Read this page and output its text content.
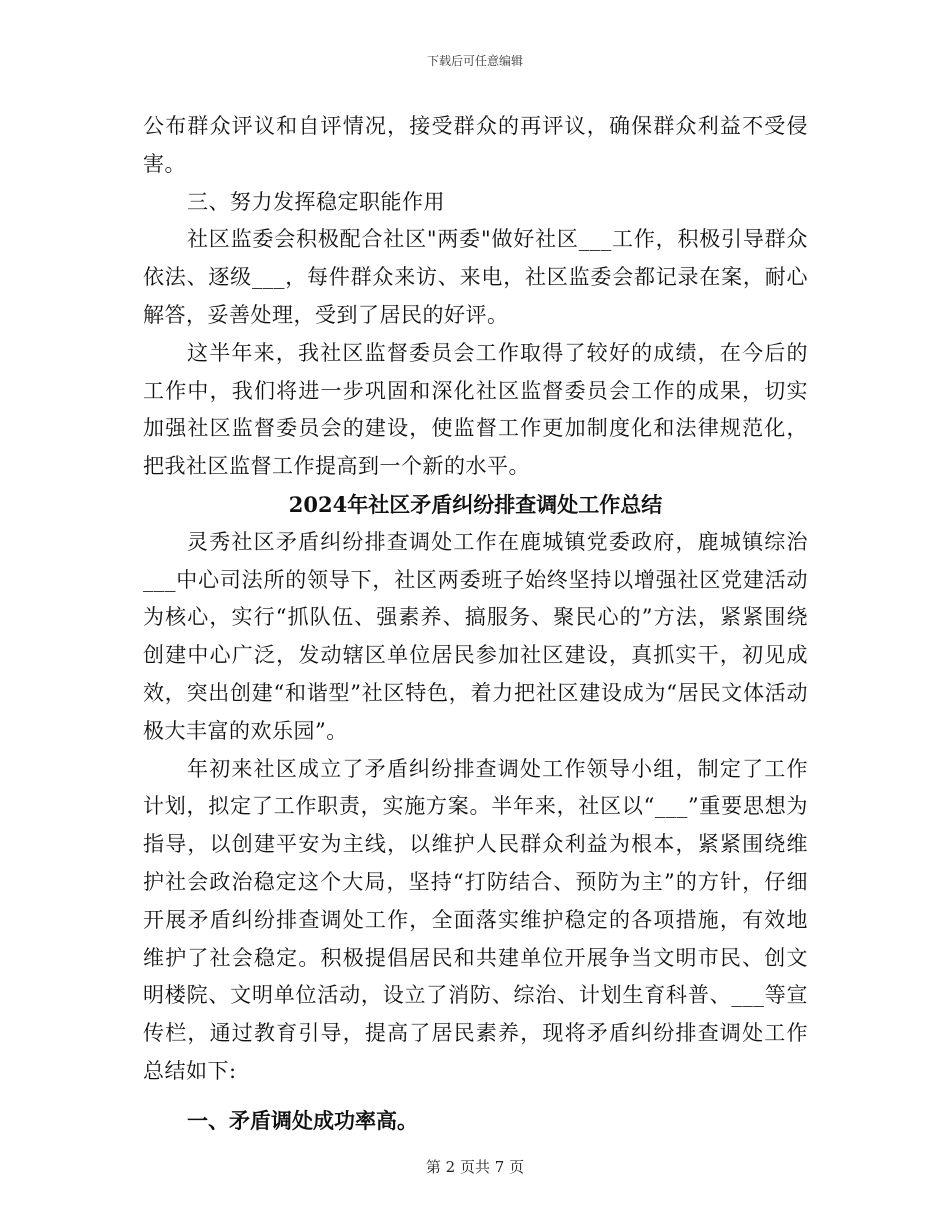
下载后可任意编辑

公布群众评议和自评情况，接受群众的再评议，确保群众利益不受侵害。

三、努力发挥稳定职能作用

社区监委会积极配合社区"两委"做好社区___工作，积极引导群众依法、逐级___，每件群众来访、来电，社区监委会都记录在案，耐心解答，妥善处理，受到了居民的好评。

这半年来，我社区监督委员会工作取得了较好的成绩，在今后的工作中，我们将进一步巩固和深化社区监督委员会工作的成果，切实加强社区监督委员会的建设，使监督工作更加制度化和法律规范化，把我社区监督工作提高到一个新的水平。

2024年社区矛盾纠纷排查调处工作总结

灵秀社区矛盾纠纷排查调处工作在鹿城镇党委政府，鹿城镇综治___中心司法所的领导下，社区两委班子始终坚持以增强社区党建活动为核心，实行“抓队伍、强素养、搞服务、聚民心的”方法，紧紧围绕创建中心广泛，发动辖区单位居民参加社区建设，真抓实干，初见成效，突出创建“和谐型”社区特色，着力把社区建设成为“居民文体活动极大丰富的欢乐园”。

年初来社区成立了矛盾纠纷排查调处工作领导小组，制定了工作计划，拟定了工作职责，实施方案。半年来，社区以“___”重要思想为指导，以创建平安为主线，以维护人民群众利益为根本，紧紧围绕维护社会政治稳定这个大局，坚持“打防结合、预防为主”的方针，仔细开展矛盾纠纷排查调处工作，全面落实维护稳定的各项措施，有效地维护了社会稳定。积极提倡居民和共建单位开展争当文明市民、创文明楼院、文明单位活动，设立了消防、综治、计划生育科普、___等宣传栏，通过教育引导，提高了居民素养，现将矛盾纠纷排查调处工作总结如下:

一、矛盾调处成功率高。

第 2 页共 7 页
